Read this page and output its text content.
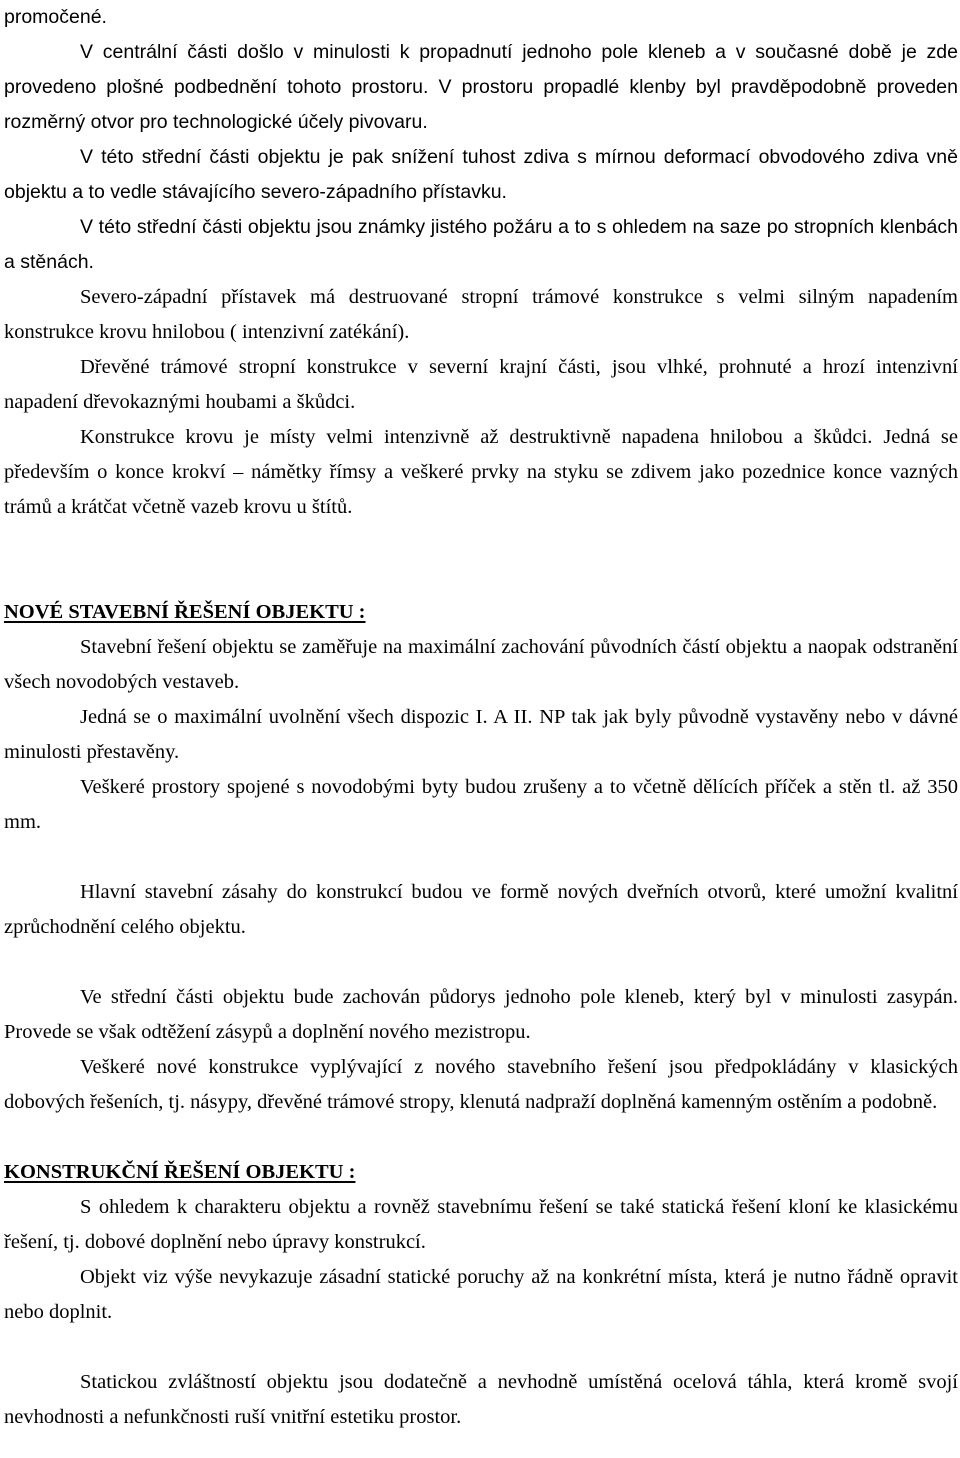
promočené.

V centrální části došlo v minulosti k propadnutí jednoho pole kleneb a v současné době je zde provedeno plošné podbednění tohoto prostoru. V prostoru propadlé klenby byl pravděpodobně proveden rozměrný otvor pro technologické účely pivovaru.

V této střední části objektu je pak snížení tuhost zdiva s mírnou deformací obvodového zdiva vně objektu a to vedle stávajícího severo-západního přístavku.

V této střední části objektu jsou známky jistého požáru a to s ohledem na saze po stropních klenbách a stěnách.

Severo-západní přístavek má destruované stropní trámové konstrukce s velmi silným napadením konstrukce krovu hnilobou ( intenzivní zatékání).

Dřevěné trámové stropní konstrukce v severní krajní části, jsou vlhké, prohnuté a hrozí intenzivní napadení dřevokaznými houbami a škůdci.

Konstrukce krovu je místy velmi intenzivně až destruktivně napadena hnilobou a škůdci. Jedná se především o konce krokví – námětky římsy a veškeré prvky na styku se zdivem jako pozednice konce vazných trámů a krátčat včetně vazeb krovu u štítů.

NOVÉ STAVEBNÍ ŘEŠENÍ OBJEKTU :

Stavební řešení objektu se zaměřuje na maximální zachování původních částí objektu a naopak odstranění všech novodobých vestaveb.

Jedná se o maximální uvolnění všech dispozic I. A II. NP tak jak byly původně vystavěny nebo v dávné minulosti přestavěny.

Veškeré prostory spojené s novodobými byty budou zrušeny a to včetně dělících příček a stěn tl. až 350 mm.

Hlavní stavební zásahy do konstrukcí budou ve formě nových dveřních otvorů, které umožní kvalitní zprůchodnění celého objektu.

Ve střední části objektu bude zachován půdorys jednoho pole kleneb, který byl v minulosti zasypán. Provede se však odtěžení zásypů a doplnění nového mezistropu.

Veškeré nové konstrukce vyplývající z nového stavebního řešení jsou předpokládány v klasických dobových řešeních, tj. násypy, dřevěné trámové stropy, klenutá nadpraží doplněná kamenným ostěním a podobně.

KONSTRUKČNÍ ŘEŠENÍ OBJEKTU :

S ohledem k charakteru objektu a rovněž stavebnímu řešení se také statická řešení kloní ke klasickému řešení, tj. dobové doplnění nebo úpravy konstrukcí.

Objekt viz výše nevykazuje zásadní statické poruchy až na konkrétní místa, která je nutno řádně opravit nebo doplnit.

Statickou zvláštností objektu jsou dodatečně a nevhodně umístěná ocelová táhla, která kromě svojí nevhodnosti a nefunkčnosti ruší vnitřní estetiku prostor.
